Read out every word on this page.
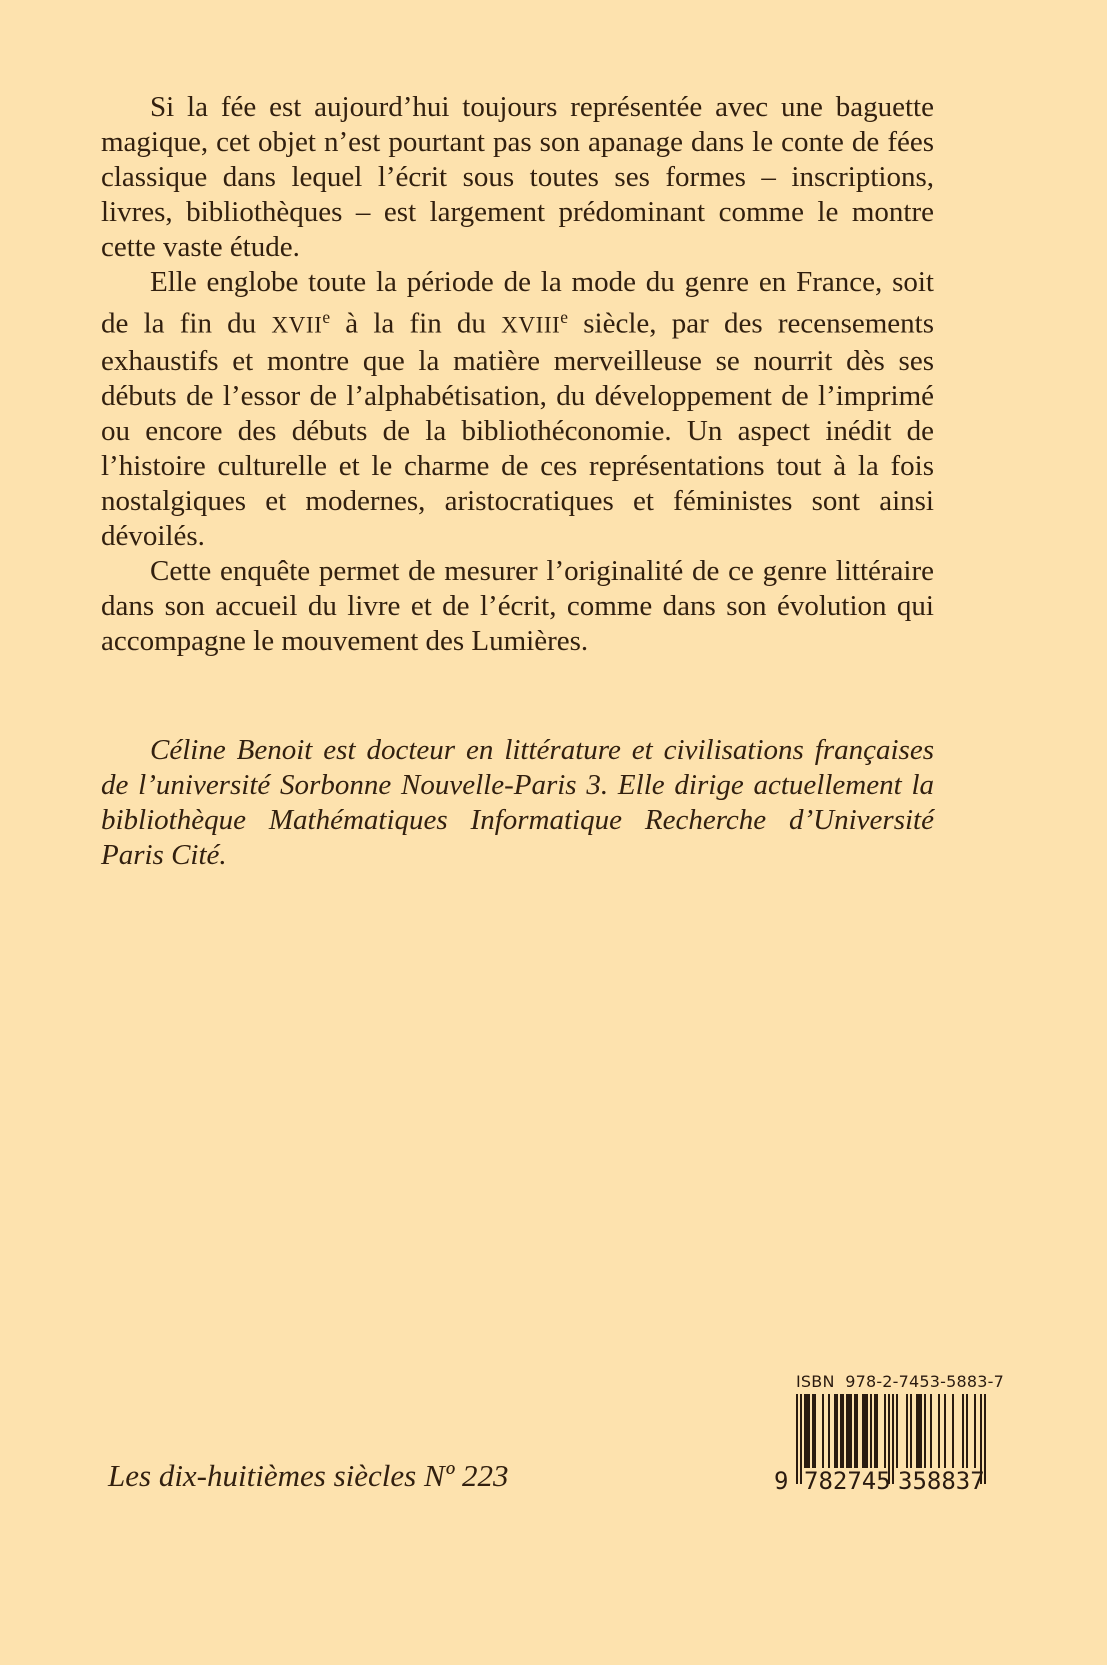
Si la fée est aujourd’hui toujours représentée avec une baguette magique, cet objet n’est pourtant pas son apanage dans le conte de fées classique dans lequel l’écrit sous toutes ses formes – inscriptions, livres, bibliothèques – est largement prédominant comme le montre cette vaste étude.

Elle englobe toute la période de la mode du genre en France, soit de la fin du XVIIe à la fin du XVIIIe siècle, par des recensements exhaustifs et montre que la matière merveilleuse se nourrit dès ses débuts de l’essor de l’alphabétisation, du développement de l’imprimé ou encore des débuts de la bibliothéconomie. Un aspect inédit de l’histoire culturelle et le charme de ces représentations tout à la fois nostalgiques et modernes, aristocratiques et féministes sont ainsi dévoilés.

Cette enquête permet de mesurer l’originalité de ce genre littéraire dans son accueil du livre et de l’écrit, comme dans son évolution qui accompagne le mouvement des Lumières.

Céline Benoit est docteur en littérature et civilisations françaises de l’université Sorbonne Nouvelle-Paris 3. Elle dirige actuellement la bibliothèque Mathématiques Informatique Recherche d’Université Paris Cité.

ISBN  978-2-7453-5883-7
9 782745 358837
Les dix-huitièmes siècles Nº 223
